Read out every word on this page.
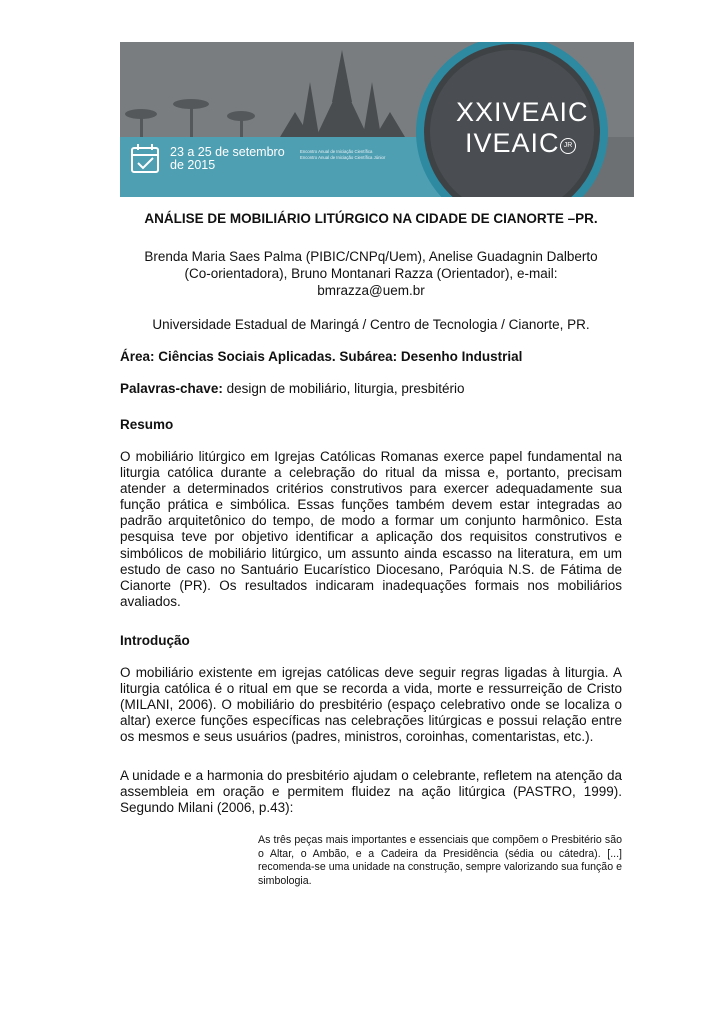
23 a 25 de setembro de 2015
Encontro Anual de Iniciação Científica
Encontro Anual de Iniciação Científica Júnior
XXIVEAIC
IVEAIC JR
ANÁLISE DE MOBILIÁRIO LITÚRGICO NA CIDADE DE CIANORTE –PR.
Brenda Maria Saes Palma (PIBIC/CNPq/Uem), Anelise Guadagnin Dalberto
(Co-orientadora), Bruno Montanari Razza (Orientador), e-mail:
bmrazza@uem.br
Universidade Estadual de Maringá / Centro de Tecnologia / Cianorte, PR.
Área: Ciências Sociais Aplicadas. Subárea: Desenho Industrial
Palavras-chave: design de mobiliário, liturgia, presbitério
Resumo
O mobiliário litúrgico em Igrejas Católicas Romanas exerce papel fundamental na liturgia católica durante a celebração do ritual da missa e, portanto, precisam atender a determinados critérios construtivos para exercer adequadamente sua função prática e simbólica. Essas funções também devem estar integradas ao padrão arquitetônico do tempo, de modo a formar um conjunto harmônico. Esta pesquisa teve por objetivo identificar a aplicação dos requisitos construtivos e simbólicos de mobiliário litúrgico, um assunto ainda escasso na literatura, em um estudo de caso no Santuário Eucarístico Diocesano, Paróquia N.S. de Fátima de Cianorte (PR). Os resultados indicaram inadequações formais nos mobiliários avaliados.
Introdução
O mobiliário existente em igrejas católicas deve seguir regras ligadas à liturgia. A liturgia católica é o ritual em que se recorda a vida, morte e ressurreição de Cristo (MILANI, 2006). O mobiliário do presbitério (espaço celebrativo onde se localiza o altar) exerce funções específicas nas celebrações litúrgicas e possui relação entre os mesmos e seus usuários (padres, ministros, coroinhas, comentaristas, etc.).
A unidade e a harmonia do presbitério ajudam o celebrante, refletem na atenção da assembleia em oração e permitem fluidez na ação litúrgica (PASTRO, 1999). Segundo Milani (2006, p.43):
As três peças mais importantes e essenciais que compõem o Presbitério são o Altar, o Ambão, e a Cadeira da Presidência (sédia ou cátedra). [...] recomenda-se uma unidade na construção, sempre valorizando sua função e simbologia.
